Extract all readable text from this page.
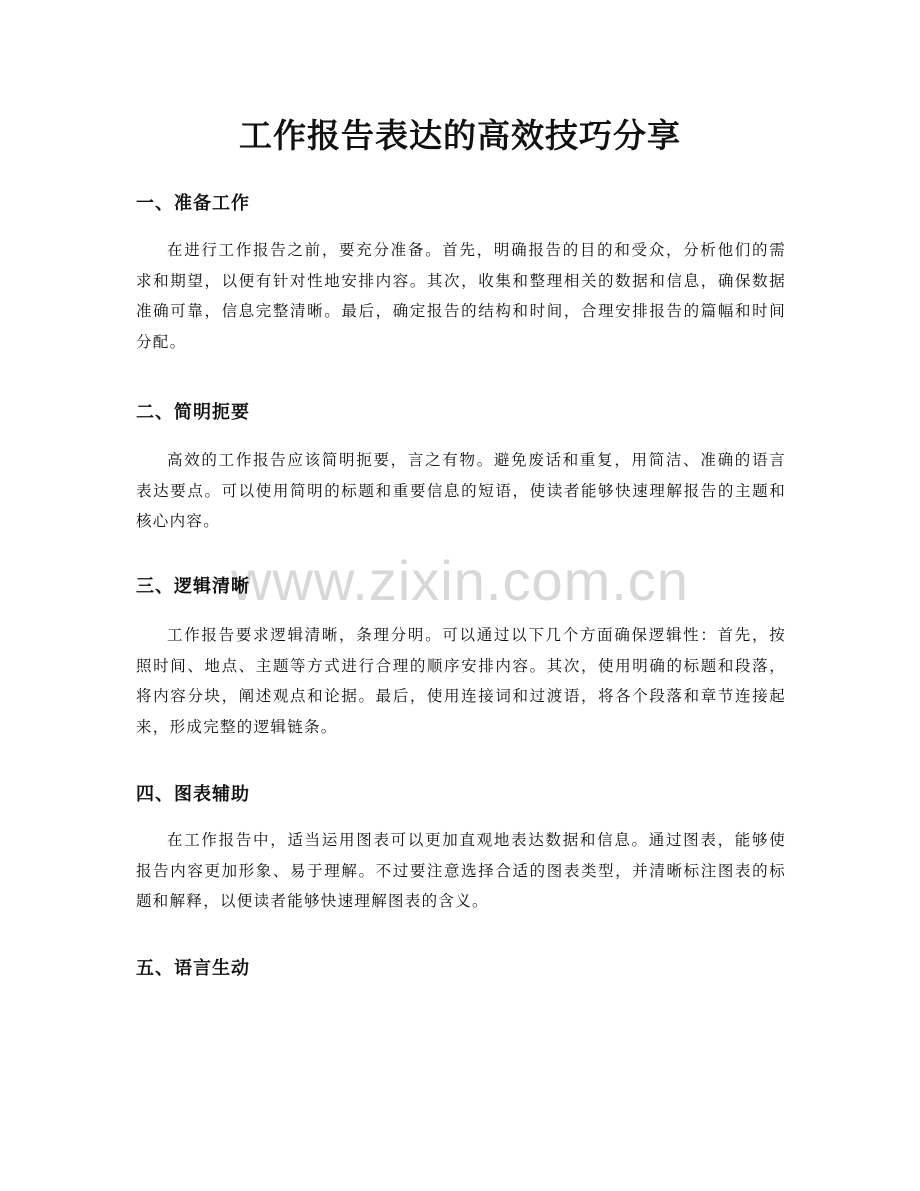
www.zixin.com.cn
工作报告表达的高效技巧分享
一、准备工作

在进行工作报告之前，要充分准备。首先，明确报告的目的和受众，分析他们的需求和期望，以便有针对性地安排内容。其次，收集和整理相关的数据和信息，确保数据准确可靠，信息完整清晰。最后，确定报告的结构和时间，合理安排报告的篇幅和时间分配。

二、简明扼要

高效的工作报告应该简明扼要，言之有物。避免废话和重复，用简洁、准确的语言表达要点。可以使用简明的标题和重要信息的短语，使读者能够快速理解报告的主题和核心内容。

三、逻辑清晰

工作报告要求逻辑清晰，条理分明。可以通过以下几个方面确保逻辑性：首先，按照时间、地点、主题等方式进行合理的顺序安排内容。其次，使用明确的标题和段落，将内容分块，阐述观点和论据。最后，使用连接词和过渡语，将各个段落和章节连接起来，形成完整的逻辑链条。

四、图表辅助

在工作报告中，适当运用图表可以更加直观地表达数据和信息。通过图表，能够使报告内容更加形象、易于理解。不过要注意选择合适的图表类型，并清晰标注图表的标题和解释，以便读者能够快速理解图表的含义。

五、语言生动
